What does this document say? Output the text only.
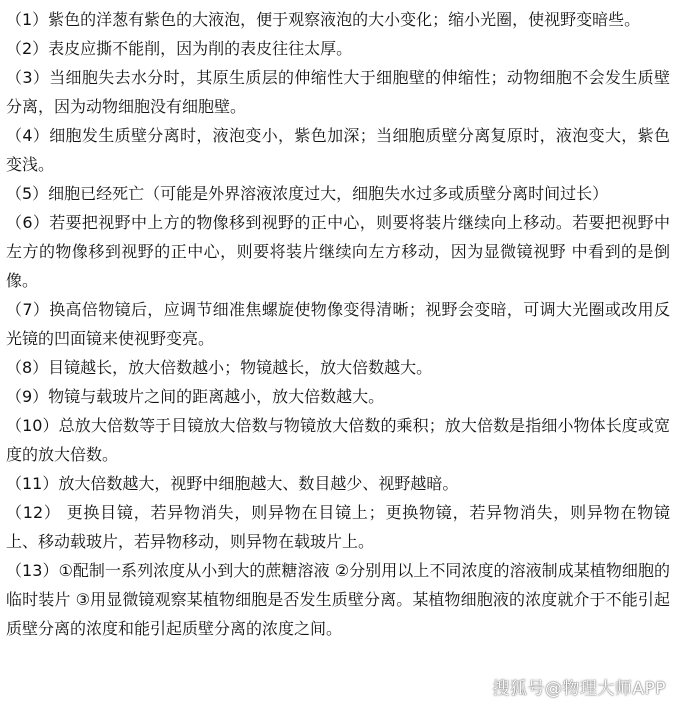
（1）紫色的洋葱有紫色的大液泡，便于观察液泡的大小变化；缩小光圈，使视野变暗些。

（2）表皮应撕不能削，因为削的表皮往往太厚。

（3）当细胞失去水分时，其原生质层的伸缩性大于细胞壁的伸缩性；动物细胞不会发生质壁分离，因为动物细胞没有细胞壁。

（4）细胞发生质壁分离时，液泡变小，紫色加深；当细胞质壁分离复原时，液泡变大，紫色变浅。

（5）细胞已经死亡（可能是外界溶液浓度过大，细胞失水过多或质壁分离时间过长）

（6）若要把视野中上方的物像移到视野的正中心，则要将装片继续向上移动。若要把视野中左方的物像移到视野的正中心，则要将装片继续向左方移动，因为显微镜视野 中看到的是倒像。

（7）换高倍物镜后，应调节细准焦螺旋使物像变得清晰；视野会变暗，可调大光圈或改用反光镜的凹面镜来使视野变亮。

（8）目镜越长，放大倍数越小；物镜越长，放大倍数越大。

（9）物镜与载玻片之间的距离越小，放大倍数越大。

（10）总放大倍数等于目镜放大倍数与物镜放大倍数的乘积；放大倍数是指细小物体长度或宽度的放大倍数。

（11）放大倍数越大，视野中细胞越大、数目越少、视野越暗。

（12） 更换目镜，若异物消失，则异物在目镜上；更换物镜，若异物消失，则异物在物镜上、移动载玻片，若异物移动，则异物在载玻片上。

（13）①配制一系列浓度从小到大的蔗糖溶液 ②分别用以上不同浓度的溶液制成某植物细胞的临时装片 ③用显微镜观察某植物细胞是否发生质壁分离。某植物细胞液的浓度就介于不能引起质壁分离的浓度和能引起质壁分离的浓度之间。

搜狐号@物理大师APP
